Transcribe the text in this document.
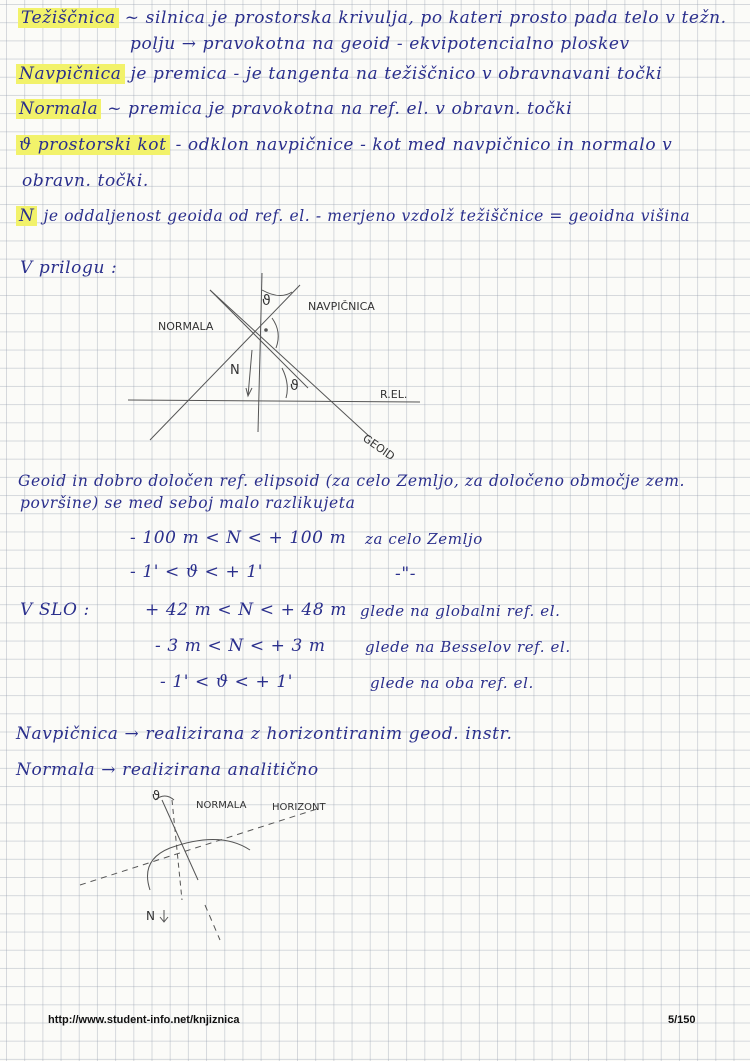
Težiščnica ~ silnica je prostorska krivulja, po kateri prosto pada telo v težn.
polju → pravokotna na geoid - ekvipotencialno ploskev
Navpičnica je premica - je tangenta na težiščnico v obravnavani točki
Normala ~ premica je pravokotna na ref. el. v obravn. točki
ϑ prostorski kot - odklon navpičnice - kot med navpičnico in normalo v
obravn. točki.
N je oddaljenost geoida od ref. el. - merjeno vzdolž težiščnice = geoidna višina
V prilogu :
NAVPIČNICA
NORMALA
ϑ
N
ϑ
R.EL.
GEOID
Geoid in dobro določen ref. elipsoid (za celo Zemljo, za določeno območje zem.
površine) se med seboj malo razlikujeta
- 100 m < N < + 100 m za celo Zemljo
- 1' < ϑ < + 1'	-"-
V SLO :	+ 42 m < N < + 48 m glede na globalni ref. el.
- 3 m < N < + 3 m	glede na Besselov ref. el.
- 1' < ϑ < + 1'	glede na oba ref. el.
Navpičnica → realizirana z horizontiranim geod. instr.
Normala → realizirana analitično
ϑ
NORMALA	HORIZONT
N
http://www.student-info.net/knjiznica	5/150
